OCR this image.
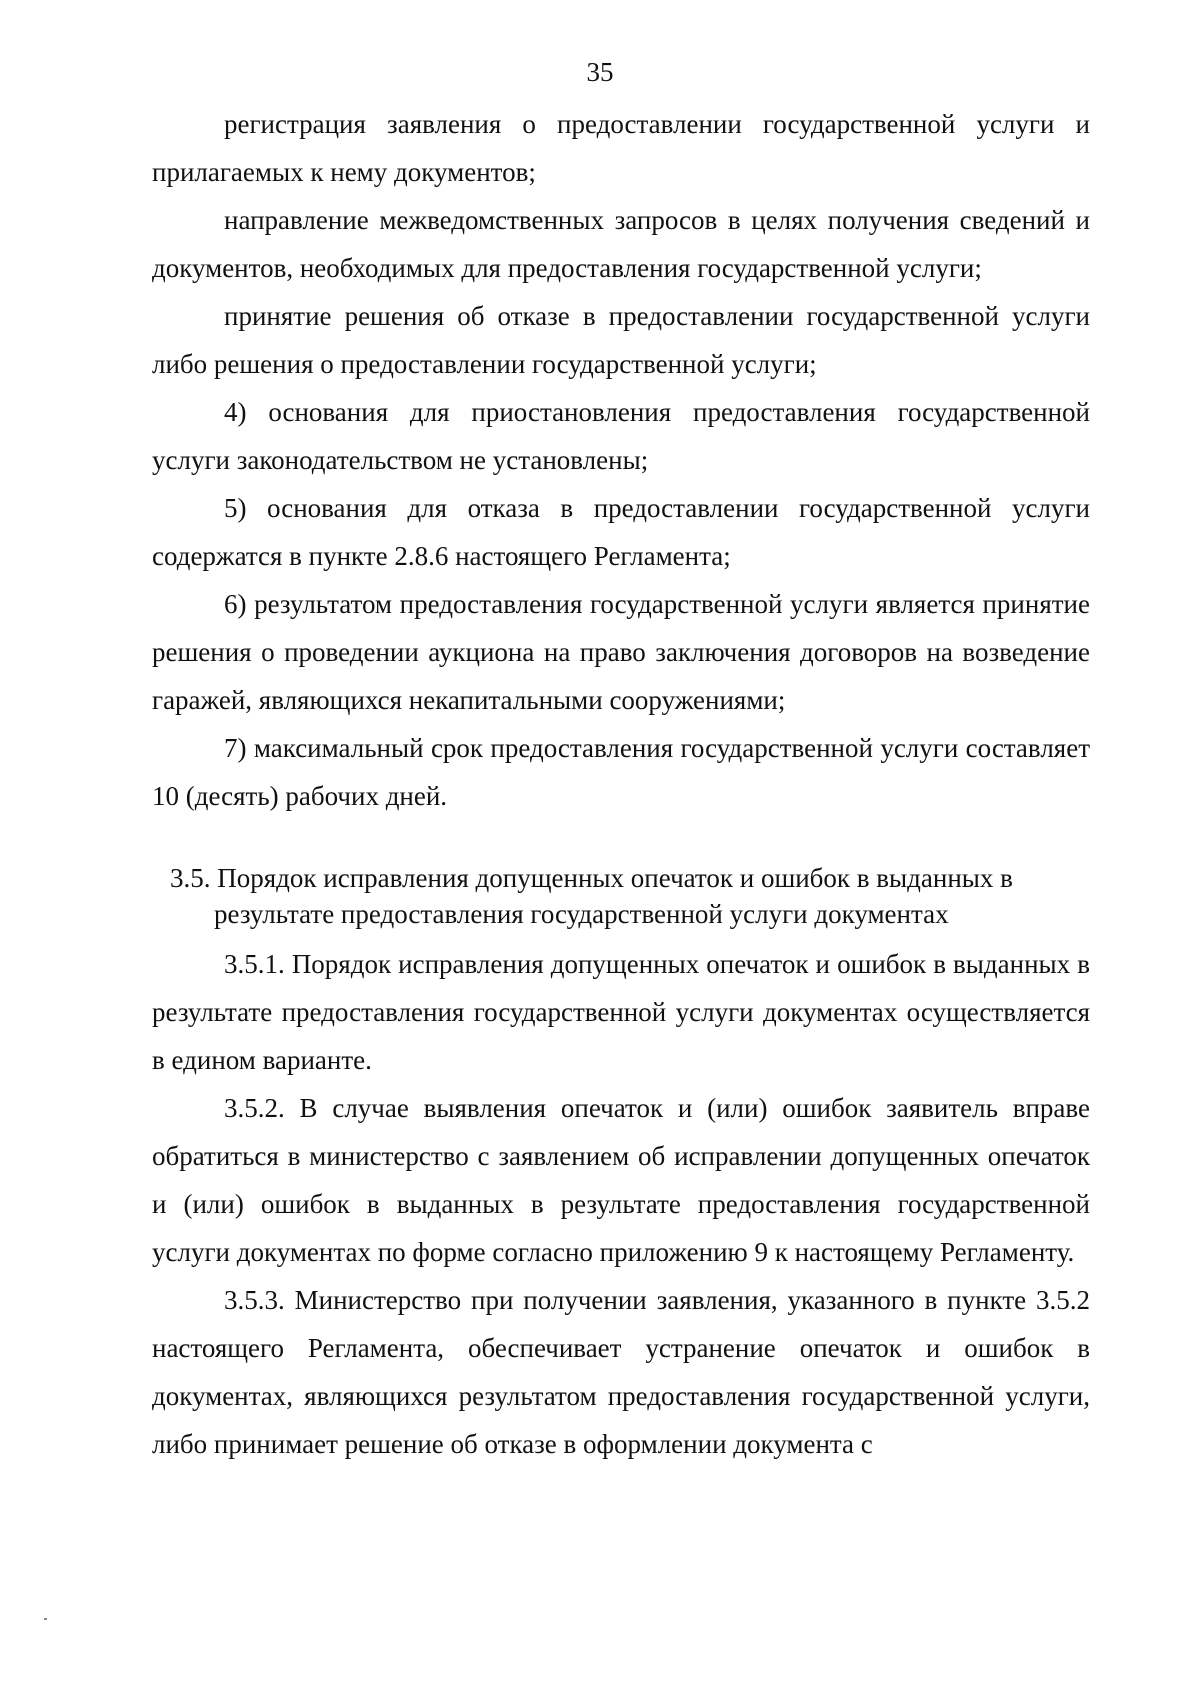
35

регистрация заявления о предоставлении государственной услуги и прилагаемых к нему документов;

направление межведомственных запросов в целях получения сведений и документов, необходимых для предоставления государственной услуги;

принятие решения об отказе в предоставлении государственной услуги либо решения о предоставлении государственной услуги;

4) основания для приостановления предоставления государственной услуги законодательством не установлены;

5) основания для отказа в предоставлении государственной услуги содержатся в пункте 2.8.6 настоящего Регламента;

6) результатом предоставления государственной услуги является принятие решения о проведении аукциона на право заключения договоров на возведение гаражей, являющихся некапитальными сооружениями;

7) максимальный срок предоставления государственной услуги составляет 10 (десять) рабочих дней.

3.5. Порядок исправления допущенных опечаток и ошибок в выданных в результате предоставления государственной услуги документах

3.5.1. Порядок исправления допущенных опечаток и ошибок в выданных в результате предоставления государственной услуги документах осуществляется в едином варианте.

3.5.2. В случае выявления опечаток и (или) ошибок заявитель вправе обратиться в министерство с заявлением об исправлении допущенных опечаток и (или) ошибок в выданных в результате предоставления государственной услуги документах по форме согласно приложению 9 к настоящему Регламенту.

3.5.3. Министерство при получении заявления, указанного в пункте 3.5.2 настоящего Регламента, обеспечивает устранение опечаток и ошибок в документах, являющихся результатом предоставления государственной услуги, либо принимает решение об отказе в оформлении документа с
